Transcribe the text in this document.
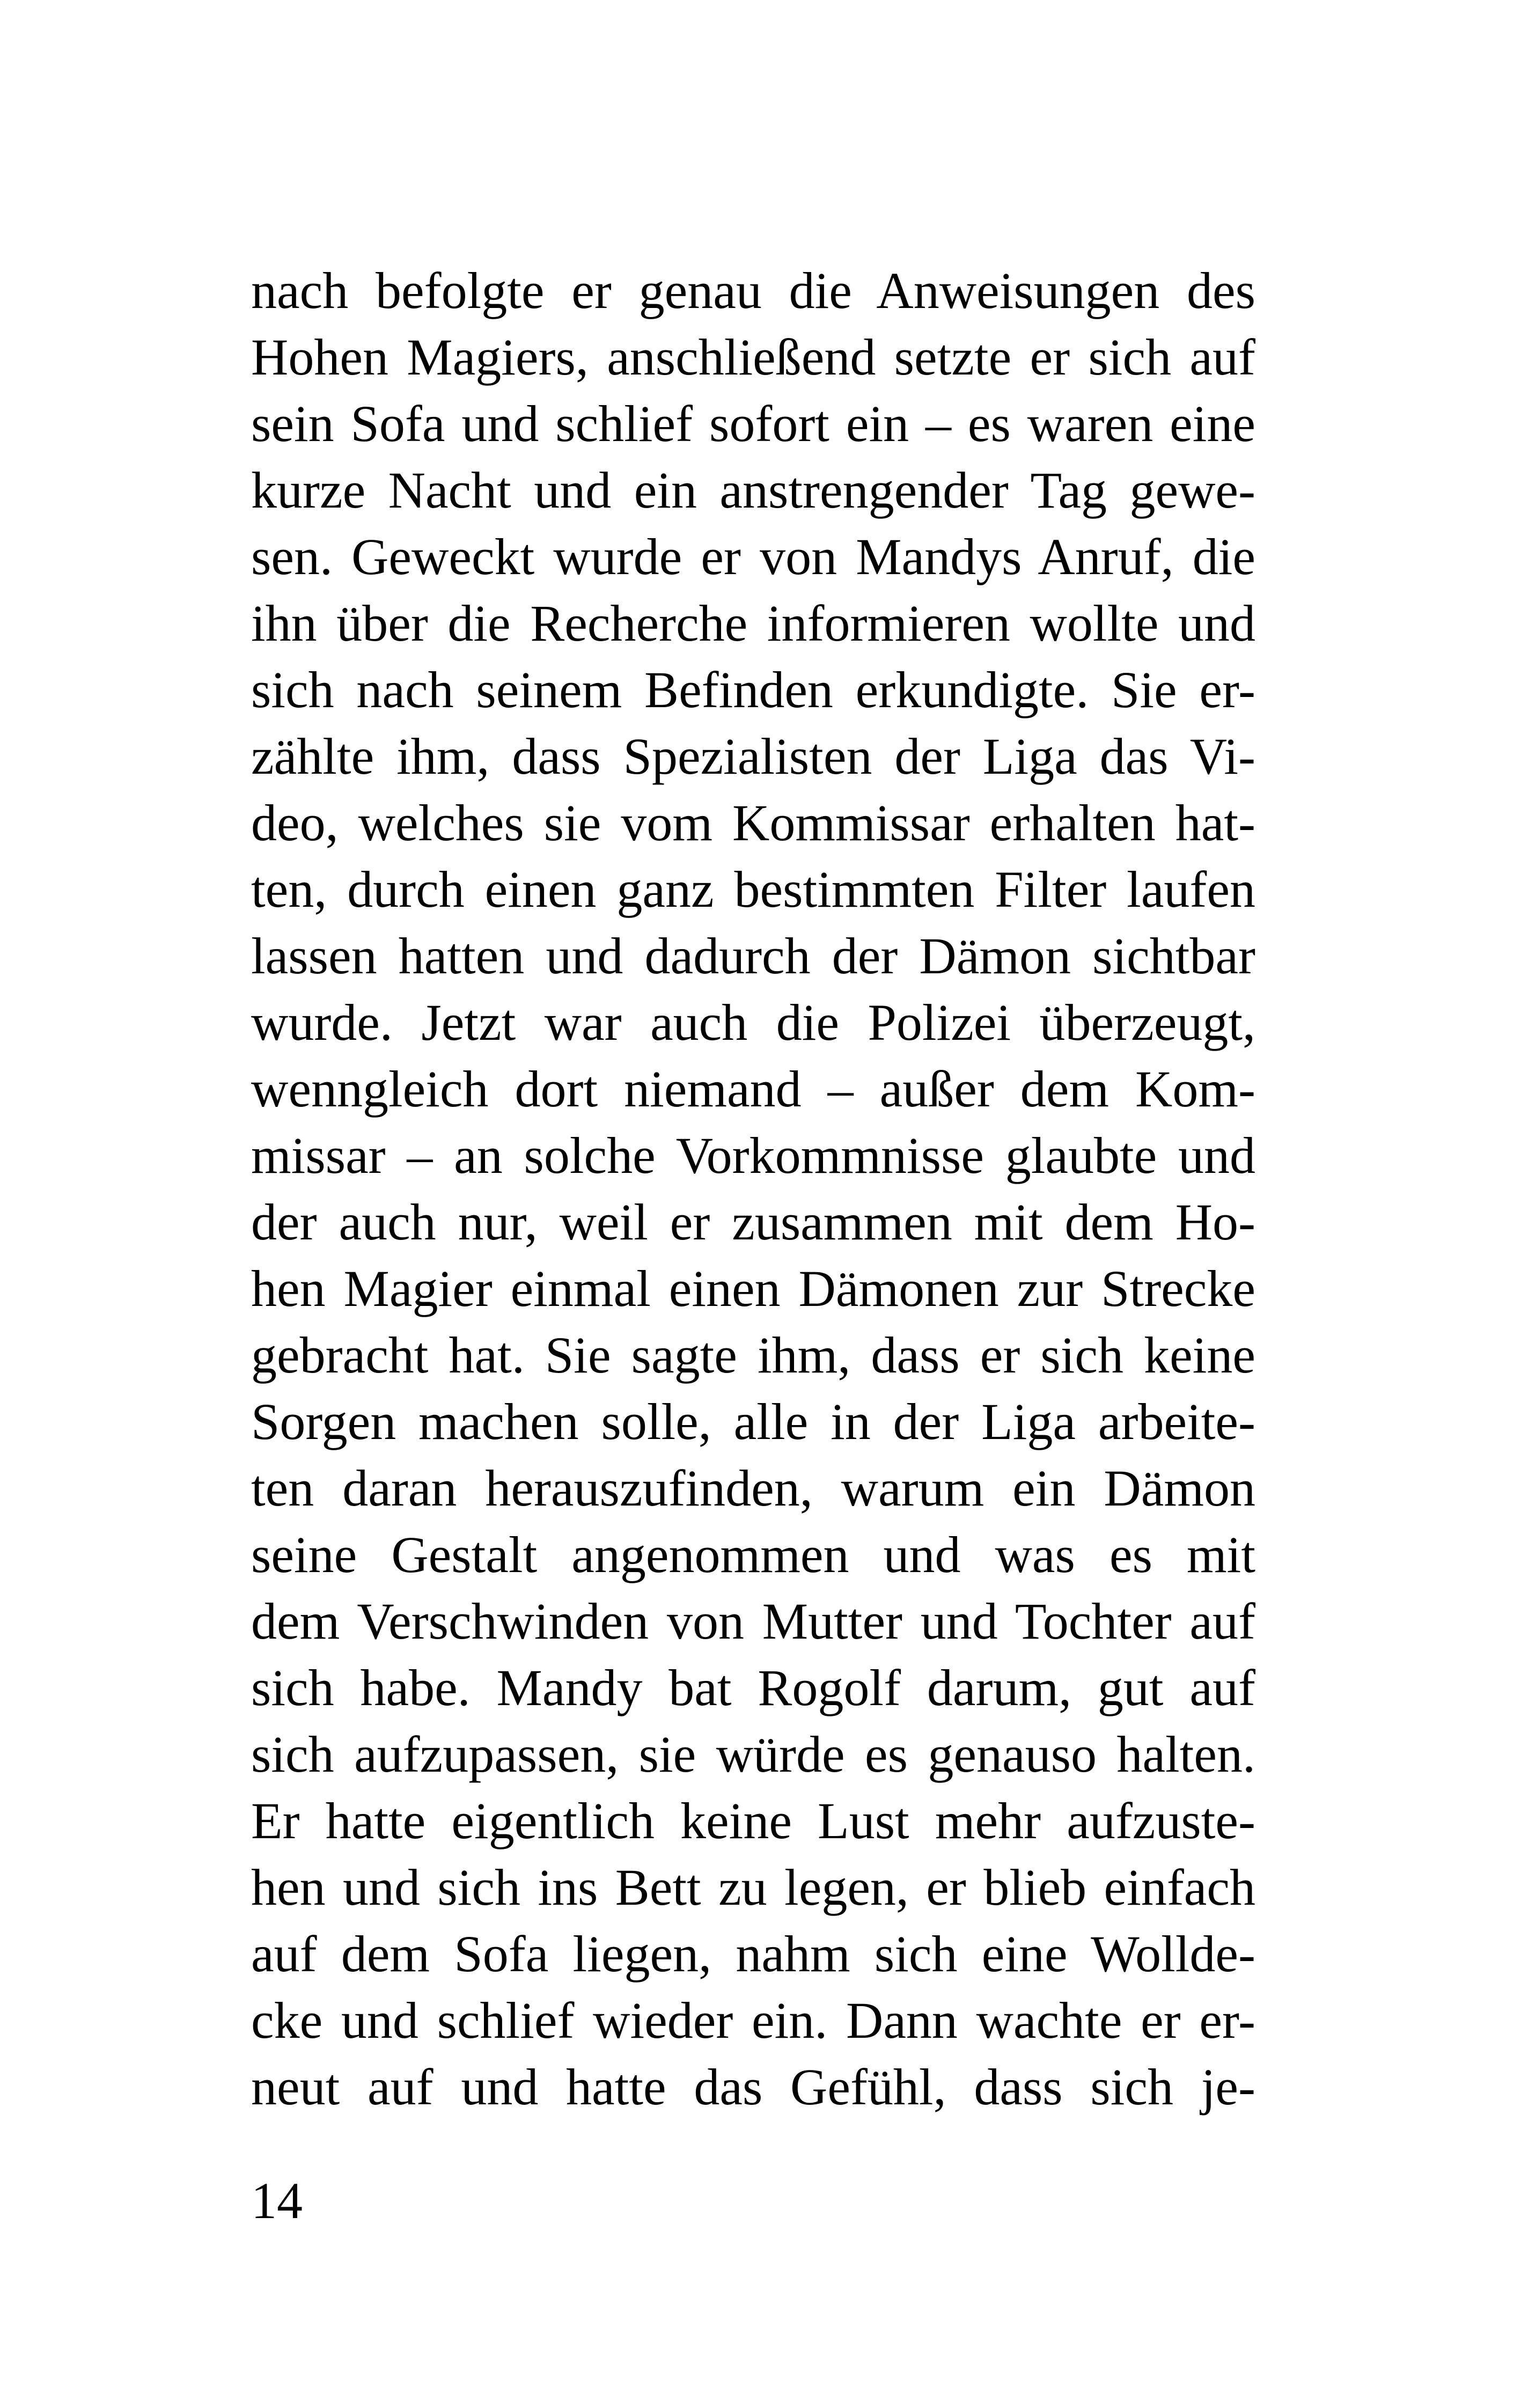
nach befolgte er genau die Anweisungen des
Hohen Magiers, anschließend setzte er sich auf
sein Sofa und schlief sofort ein – es waren eine
kurze Nacht und ein anstrengender Tag gewe-
sen. Geweckt wurde er von Mandys Anruf, die
ihn über die Recherche informieren wollte und
sich nach seinem Befinden erkundigte. Sie er-
zählte ihm, dass Spezialisten der Liga das Vi-
deo, welches sie vom Kommissar erhalten hat-
ten, durch einen ganz bestimmten Filter laufen
lassen hatten und dadurch der Dämon sichtbar
wurde. Jetzt war auch die Polizei überzeugt,
wenngleich dort niemand – außer dem Kom-
missar – an solche Vorkommnisse glaubte und
der auch nur, weil er zusammen mit dem Ho-
hen Magier einmal einen Dämonen zur Strecke
gebracht hat. Sie sagte ihm, dass er sich keine
Sorgen machen solle, alle in der Liga arbeite-
ten daran herauszufinden, warum ein Dämon
seine Gestalt angenommen und was es mit
dem Verschwinden von Mutter und Tochter auf
sich habe. Mandy bat Rogolf darum, gut auf
sich aufzupassen, sie würde es genauso halten.
Er hatte eigentlich keine Lust mehr aufzuste-
hen und sich ins Bett zu legen, er blieb einfach
auf dem Sofa liegen, nahm sich eine Wollde-
cke und schlief wieder ein. Dann wachte er er-
neut auf und hatte das Gefühl, dass sich je-
14
